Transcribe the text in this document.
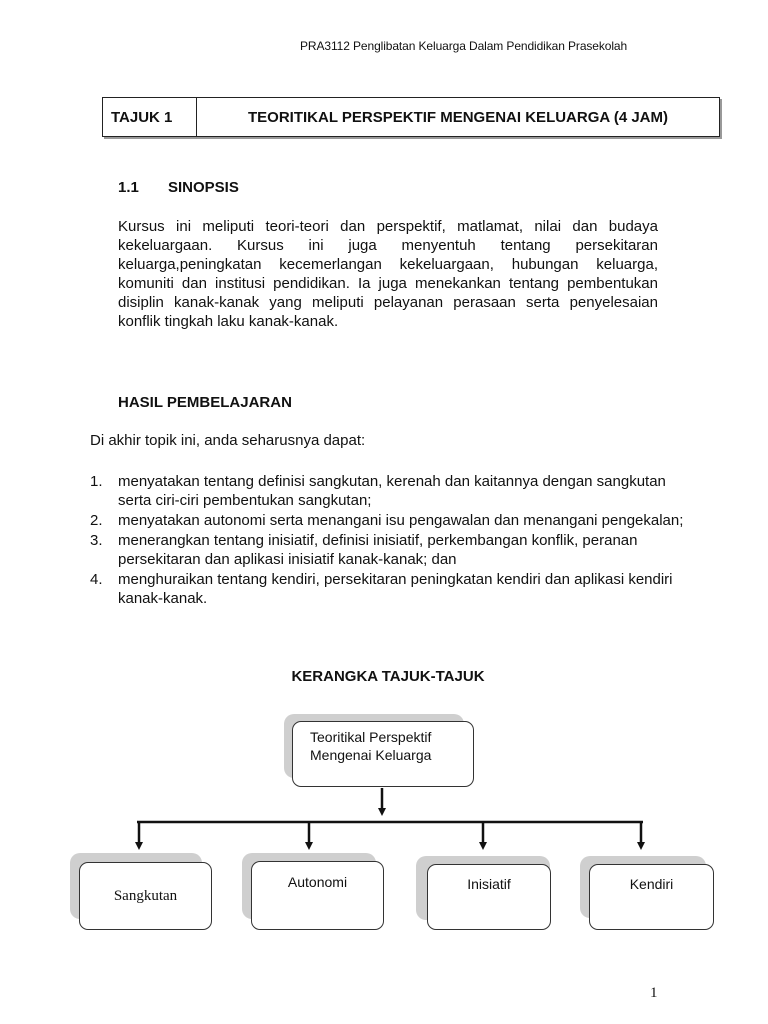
PRA3112 Penglibatan Keluarga Dalam Pendidikan Prasekolah
TAJUK 1	TEORITIKAL PERSPEKTIF MENGENAI KELUARGA (4 JAM)
1.1 SINOPSIS
Kursus ini meliputi teori-teori dan perspektif, matlamat, nilai dan budaya kekeluargaan. Kursus ini juga menyentuh tentang persekitaran keluarga,peningkatan kecemerlangan kekeluargaan, hubungan keluarga, komuniti dan institusi pendidikan. Ia juga menekankan tentang pembentukan disiplin kanak-kanak yang meliputi pelayanan perasaan serta penyelesaian konflik tingkah laku kanak-kanak.
HASIL PEMBELAJARAN
Di akhir topik ini, anda seharusnya dapat:
1. menyatakan tentang definisi sangkutan, kerenah dan kaitannya dengan sangkutan serta ciri-ciri pembentukan sangkutan;
2. menyatakan autonomi serta menangani isu pengawalan dan menangani pengekalan;
3. menerangkan tentang inisiatif, definisi inisiatif, perkembangan konflik, peranan persekitaran dan aplikasi inisiatif kanak-kanak; dan
4. menghuraikan tentang kendiri, persekitaran peningkatan kendiri dan aplikasi kendiri kanak-kanak.
KERANGKA TAJUK-TAJUK
Teoritikal Perspektif Mengenai Keluarga
Sangkutan
Autonomi	Inisiatif	Kendiri
1
